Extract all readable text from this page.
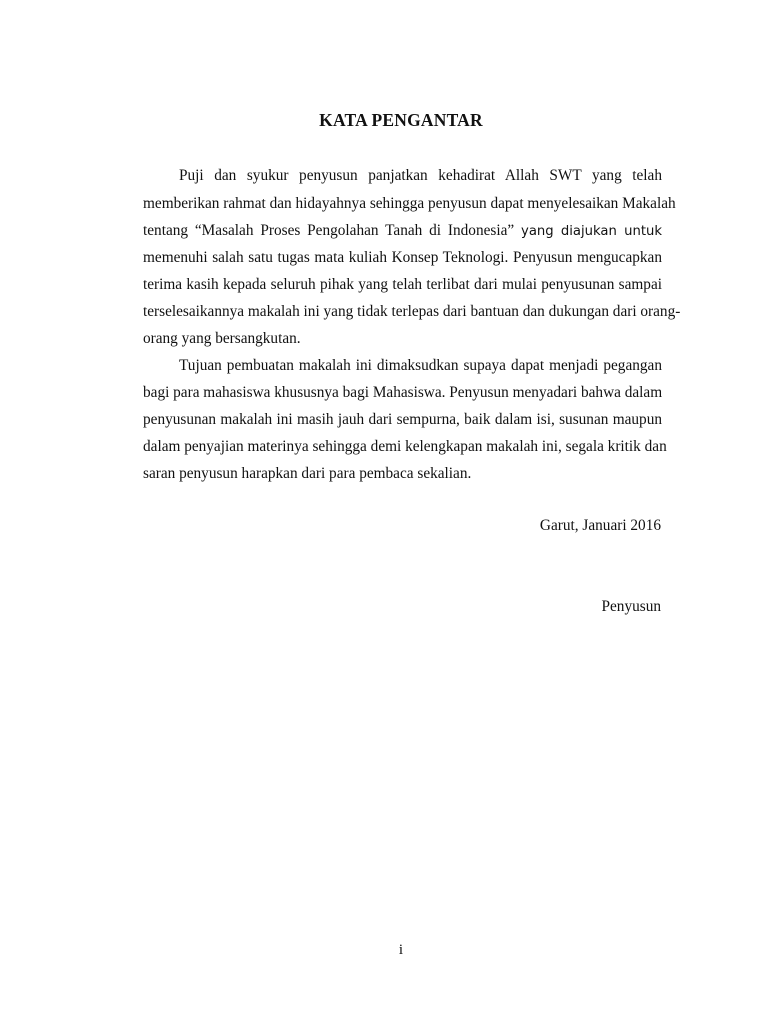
KATA PENGANTAR
Puji dan syukur penyusun panjatkan kehadirat Allah SWT yang telah
memberikan rahmat dan hidayahnya sehingga penyusun dapat menyelesaikan Makalah
tentang “Masalah Proses Pengolahan Tanah di Indonesia” yang diajukan untuk
memenuhi salah satu tugas mata kuliah Konsep Teknologi. Penyusun mengucapkan
terima kasih kepada seluruh pihak yang telah terlibat dari mulai penyusunan sampai
terselesaikannya makalah ini yang tidak terlepas dari bantuan dan dukungan dari orang-
orang yang bersangkutan.
Tujuan pembuatan makalah ini dimaksudkan supaya dapat menjadi pegangan
bagi para mahasiswa khususnya bagi Mahasiswa. Penyusun menyadari bahwa dalam
penyusunan makalah ini masih jauh dari sempurna, baik dalam isi, susunan maupun
dalam penyajian materinya sehingga demi kelengkapan makalah ini, segala kritik dan
saran penyusun harapkan dari para pembaca sekalian.
Garut, Januari 2016
Penyusun
i
